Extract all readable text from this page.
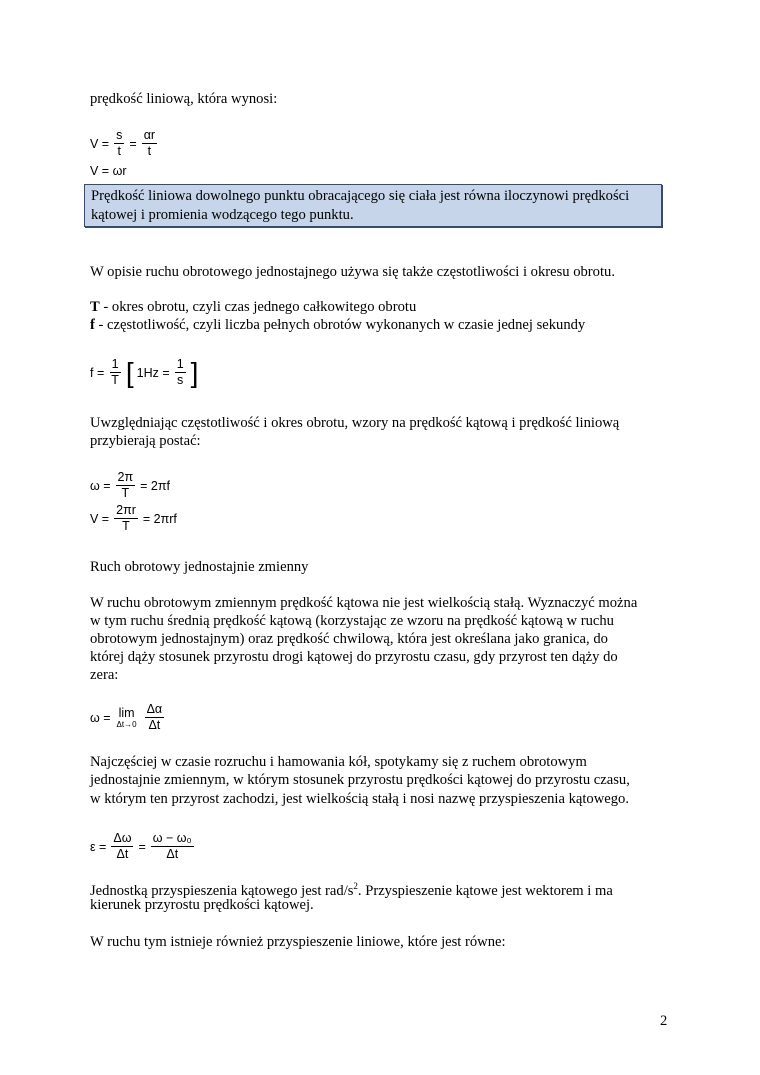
prędkość liniową, która wynosi:
$V = \frac{s}{t} = \frac{\alpha r}{t}$
V = ωr
Prędkość liniowa dowolnego punktu obracającego się ciała jest równa iloczynowi prędkości
kątowej i promienia wodzącego tego punktu.
W opisie ruchu obrotowego jednostajnego używa się także częstotliwości i okresu obrotu.
T - okres obrotu, czyli czas jednego całkowitego obrotu
f - częstotliwość, czyli liczba pełnych obrotów wykonanych w czasie jednej sekundy
$f = \frac{1}{T}$ [ $1Hz = \frac{1}{s}$ ]
Uwzględniając częstotliwość i okres obrotu, wzory na prędkość kątową i prędkość liniową
przybierają postać:
$\omega = \frac{2\pi}{T} = 2\pi f$
$V = \frac{2\pi r}{T} = 2\pi rf$
Ruch obrotowy jednostajnie zmienny
W ruchu obrotowym zmiennym prędkość kątowa nie jest wielkością stałą. Wyznaczyć można
w tym ruchu średnią prędkość kątową (korzystając ze wzoru na prędkość kątową w ruchu
obrotowym jednostajnym) oraz prędkość chwilową, która jest określana jako granica, do
której dąży stosunek przyrostu drogi kątowej do przyrostu czasu, gdy przyrost ten dąży do
zera:
ω = lim
$\Delta t\to 0 \frac{\Delta\alpha}{\Delta t}$
Najczęściej w czasie rozruchu i hamowania kół, spotykamy się z ruchem obrotowym
jednostajnie zmiennym, w którym stosunek przyrostu prędkości kątowej do przyrostu czasu,
w którym ten przyrost zachodzi, jest wielkością stałą i nosi nazwę przyspieszenia kątowego.
$\varepsilon = \frac{\Delta\omega}{\Delta t} = \frac{\text{ω − ω₀}}{\Delta t}$
Jednostką przyspieszenia kątowego jest rad/$s^2$. Przyspieszenie kątowe jest wektorem i ma
kierunek przyrostu prędkości kątowej.
W ruchu tym istnieje również przyspieszenie liniowe, które jest równe:
2
